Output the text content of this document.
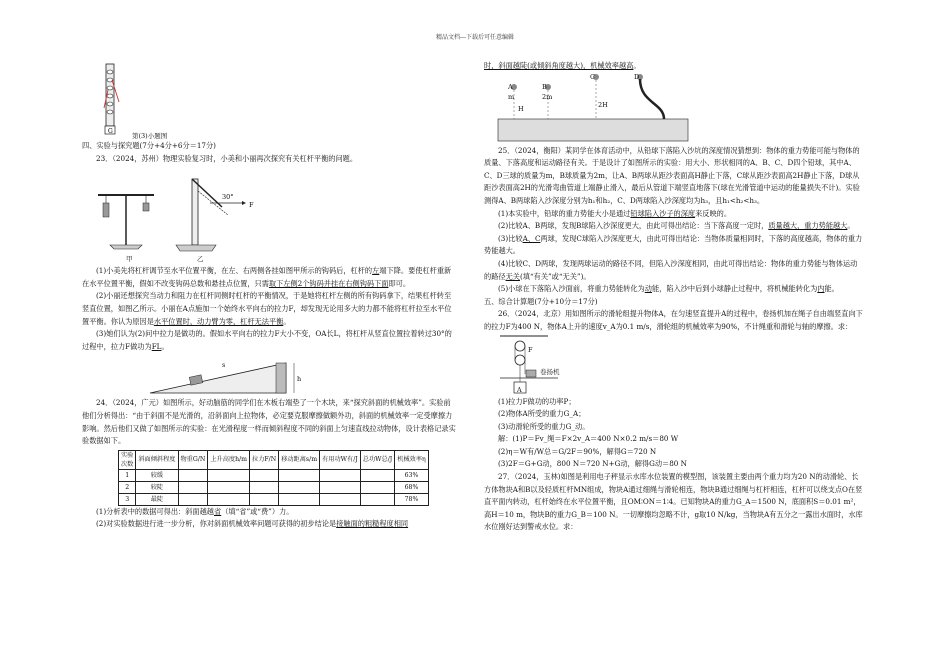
精品文档---下载后可任意编辑
G
第(3)小题图

四、实验与探究题(7分+4分+6分＝17分)

23．（2024，苏州）物理实验复习时，小美和小丽再次探究有关杠杆平衡的问题。

30°
F
甲	乙

(1)小美先将杠杆调节至水平位置平衡，在左、右两侧各挂如图甲所示的钩码后，杠杆的左端下降。要使杠杆重新在水平位置平衡，假如不改变钩码总数和悬挂点位置，只需取下左侧2个钩码并挂在右侧钩码下面即可。

(2)小丽还想探究当动力和阻力在杠杆同侧时杠杆的平衡情况，于是她将杠杆左侧的所有钩码拿下，结果杠杆转至竖直位置，如图乙所示。小丽在A点施加一个始终水平向右的拉力F，却发现无论用多大的力都不能将杠杆拉至水平位置平衡。你认为原因是水平位置时，动力臂为零，杠杆无法平衡。

(3)她们认为(2)问中拉力是做功的。假如水平向右的拉力F大小不变，OA长L，将杠杆从竖直位置拉着转过30°的过程中，拉力F做功为FL。

s
h

24．（2024，广元）如图所示，好动脑筋的同学们在木板右端垫了一个木块，来“探究斜面的机械效率”。实验前他们分析得出：“由于斜面不是光滑的，沿斜面向上拉物体，必定要克服摩擦做额外功，斜面的机械效率一定受摩擦力影响。然后他们又做了如图所示的实验：在光滑程度一样而倾斜程度不同的斜面上匀速直线拉动物体，设计表格记录实验数据如下。

实验
次数	斜面倾斜程度	物重G/N	上升高度h/m	拉力F/N	移动距离s/m	有用功W有/J	总功W总/J	机械效率η
1	较缓							63%
2	较陡							68%
3	最陡							78%

(1)分析表中的数据可得出：斜面越越省（填“省”或“费”）力。

(2)对实验数据进行进一步分析，你对斜面机械效率问题可获得的初步结论是接触面的粗糙程度相同

时，斜面越陡(或倾斜角度越大)，机械效率越高。

A	B
C	D
m	2m
2H
H

25．（2024，衡阳）某同学在体育活动中，从铅球下落陷入沙坑的深度情况猜想到：物体的重力势能可能与物体的质量、下落高度和运动路径有关。于是设计了如图所示的实验：用大小、形状相同的A、B、C、D四个铅球，其中A、C、D三球的质量为m，B球质量为2m，让A、B两球从距沙表面高H静止下落，C球从距沙表面高2H静止下落，D球从距沙表面高2H的光滑弯曲管道上端静止滑入，最后从管道下端竖直地落下(球在光滑管道中运动的能量损失不计)。实验测得A、B两球陷入沙深度分别为h₁和h₂，C、D两球陷入沙深度均为h₃，且h₁<h₂<h₃。

(1)本实验中，铅球的重力势能大小是通过铅球陷入沙子的深度来反映的。

(2)比较A、B两球，发现B球陷入沙深度更大，由此可得出结论：当下落高度一定时，质量越大，重力势能越大。

(3)比较A、C两球，发现C球陷入沙深度更大，由此可得出结论：当物体质量相同时，下落的高度越高，物体的重力势能越大。

(4)比较C、D两球，发现两球运动的路径不同，但陷入沙深度相同，由此可得出结论：物体的重力势能与物体运动的路径无关(填“有关”或“无关”)。

(5)小球在下落陷入沙面前，将重力势能转化为动能，陷入沙中后到小球静止过程中，将机械能转化为内能。

五、综合计算题(7分+10分＝17分)

26．（2024，北京）用如图所示的滑轮组提升物体A，在匀速竖直提升A的过程中，卷扬机加在绳子自由端竖直向下的拉力F为400 N，物体A上升的速度v_A为0.1 m/s，滑轮组的机械效率为90%，不计绳重和滑轮与轴的摩擦。求：

F
卷扬机
A

(1)拉力F做功的功率P；

(2)物体A所受的重力G_A；

(3)动滑轮所受的重力G_动。

解：(1)P＝Fv_绳＝F×2v_A＝400 N×0.2 m/s＝80 W

(2)η＝W有/W总＝G/2F＝90%，解得G＝720 N

(3)2F＝G+G动，800 N＝720 N+G动，解得G动＝80 N

27．（2024，玉林)如图是利用电子秤显示水库水位装置的模型图，该装置主要由两个重力均为20 N的动滑轮、长方体物块A和B以及轻质杠杆MN组成，物块A通过细绳与滑轮相连，物块B通过细绳与杠杆相连，杠杆可以绕支点O在竖直平面内转动，杠杆始终在水平位置平衡，且OM∶ON＝1∶4。已知物块A的重力G_A＝1500 N，底面积S＝0.01 m²，高H＝10 m，物块B的重力G_B＝100 N。一切摩擦均忽略不计，g取10 N/kg，当物块A有五分之一露出水面时，水库水位刚好达到警戒水位。求：
